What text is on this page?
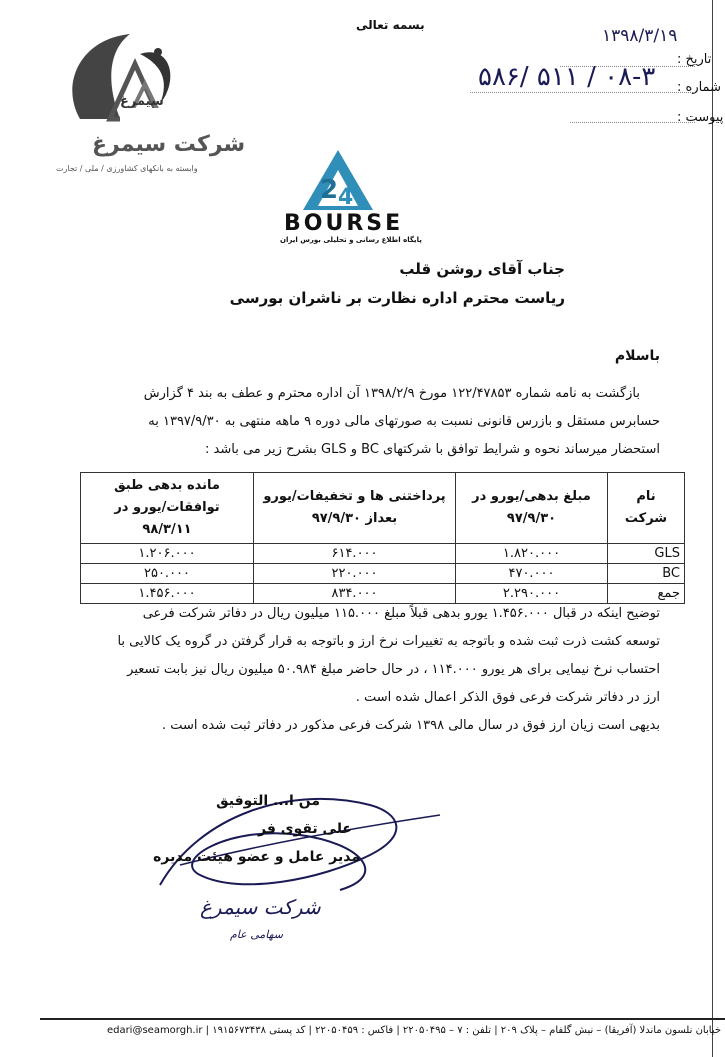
سیمرغ
شرکت سیمرغ
وابسته به بانکهای کشاورزی / ملی / تجارت
بسمه تعالی
تاریخ :
۱۳۹۸/۳/۱۹
شماره :
۵۸۶/ ۵۱۱ / ۰۸-۳
پیوست :
2 4
BOURSE
پایگاه اطلاع رسانی و تحلیلی بورس ایران
جناب آقای روشن قلب
ریاست محترم اداره نظارت بر ناشران بورسی
باسلام
بازگشت به نامه شماره ۱۲۲/۴۷۸۵۳ مورخ ۱۳۹۸/۲/۹ آن اداره محترم و عطف به بند ۴ گزارش
حسابرس مستقل و بازرس قانونی نسبت به صورتهای مالی دوره ۹ ماهه منتهی به ۱۳۹۷/۹/۳۰ به
استحضار میرساند نحوه و شرایط توافق با شرکتهای BC و GLS بشرح زیر می باشد :
نام شرکت	مبلغ بدهی/یورو در ۹۷/۹/۳۰	پرداختنی ها و تخفیفات/یورو بعداز ۹۷/۹/۳۰	مانده بدهی طبق توافقات/یورو در ۹۸/۳/۱۱
GLS	۱.۸۲۰.۰۰۰	۶۱۴.۰۰۰	۱.۲۰۶.۰۰۰
BC	۴۷۰.۰۰۰	۲۲۰.۰۰۰	۲۵۰.۰۰۰
جمع	۲.۲۹۰.۰۰۰	۸۳۴.۰۰۰	۱.۴۵۶.۰۰۰
توضیح اینکه در قبال ۱.۴۵۶.۰۰۰ یورو بدهی قبلاً مبلغ ۱۱۵.۰۰۰ میلیون ریال در دفاتر شرکت فرعی
توسعه کشت ذرت ثبت شده و باتوجه به تغییرات نرخ ارز و باتوجه به قرار گرفتن در گروه یک کالایی با
احتساب نرخ نیمایی برای هر یورو ۱۱۴.۰۰۰ ، در حال حاضر مبلغ ۵۰.۹۸۴ میلیون ریال نیز بابت تسعیر
ارز در دفاتر شرکت فرعی فوق الذکر اعمال شده است .
بدیهی است زیان ارز فوق در سال مالی ۱۳۹۸ شرکت فرعی مذکور در دفاتر ثبت شده است .
من ا... التوفیق
علی تقوی فر
مدیر عامل و عضو هیئت مدیره
شرکت سیمرغ
سهامی عام
خیابان نلسون ماندلا (آفریقا) – نبش گلفام – پلاک ۲۰۹ | تلفن : ۷ – ۲۲۰۵۰۴۹۵ | فاکس : ۲۲۰۵۰۴۵۹ | کد پستی ۱۹۱۵۶۷۳۴۳۸ | edari@seamorgh.ir
